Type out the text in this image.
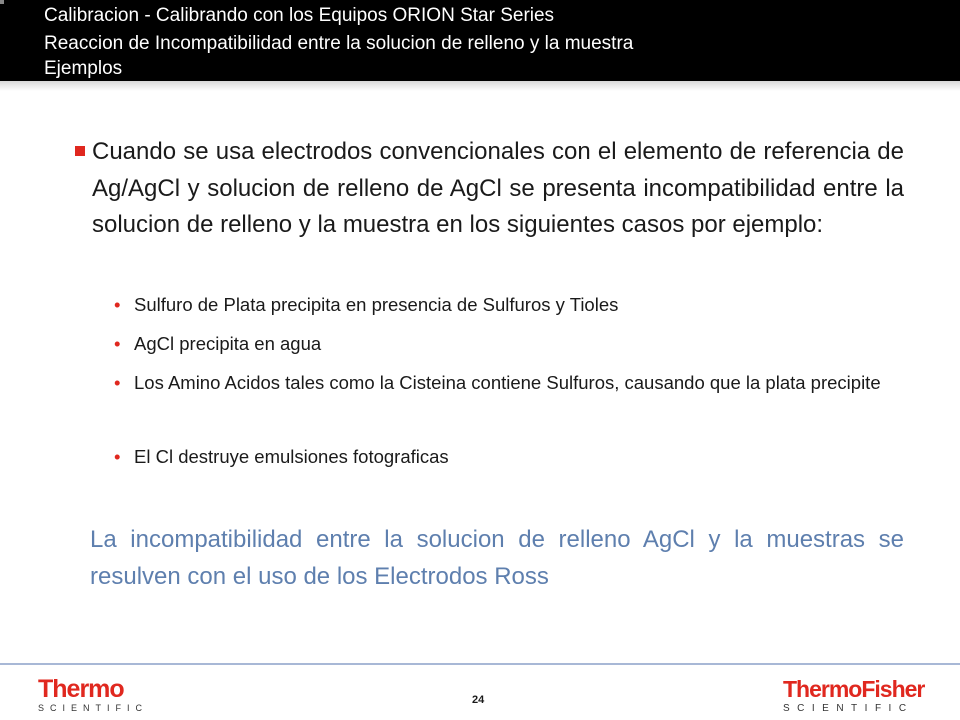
Calibracion - Calibrando con los Equipos ORION Star Series
Reaccion de Incompatibilidad entre la solucion de relleno y la muestra
Ejemplos
Cuando se usa electrodos convencionales con el elemento de referencia de Ag/AgCl y solucion de relleno de AgCl se presenta incompatibilidad entre la solucion de relleno y la muestra en los siguientes casos por ejemplo:
• Sulfuro de Plata precipita en presencia de Sulfuros y Tioles
• AgCl precipita en agua
• Los Amino Acidos tales como la Cisteina contiene Sulfuros, causando que la plata precipite
• El Cl destruye emulsiones fotograficas
La incompatibilidad entre la solucion de relleno AgCl y la muestras se resulven con el uso de los Electrodos Ross
Thermo
SCIENTIFIC
24	ThermoFisher
SCIENTIFIC
